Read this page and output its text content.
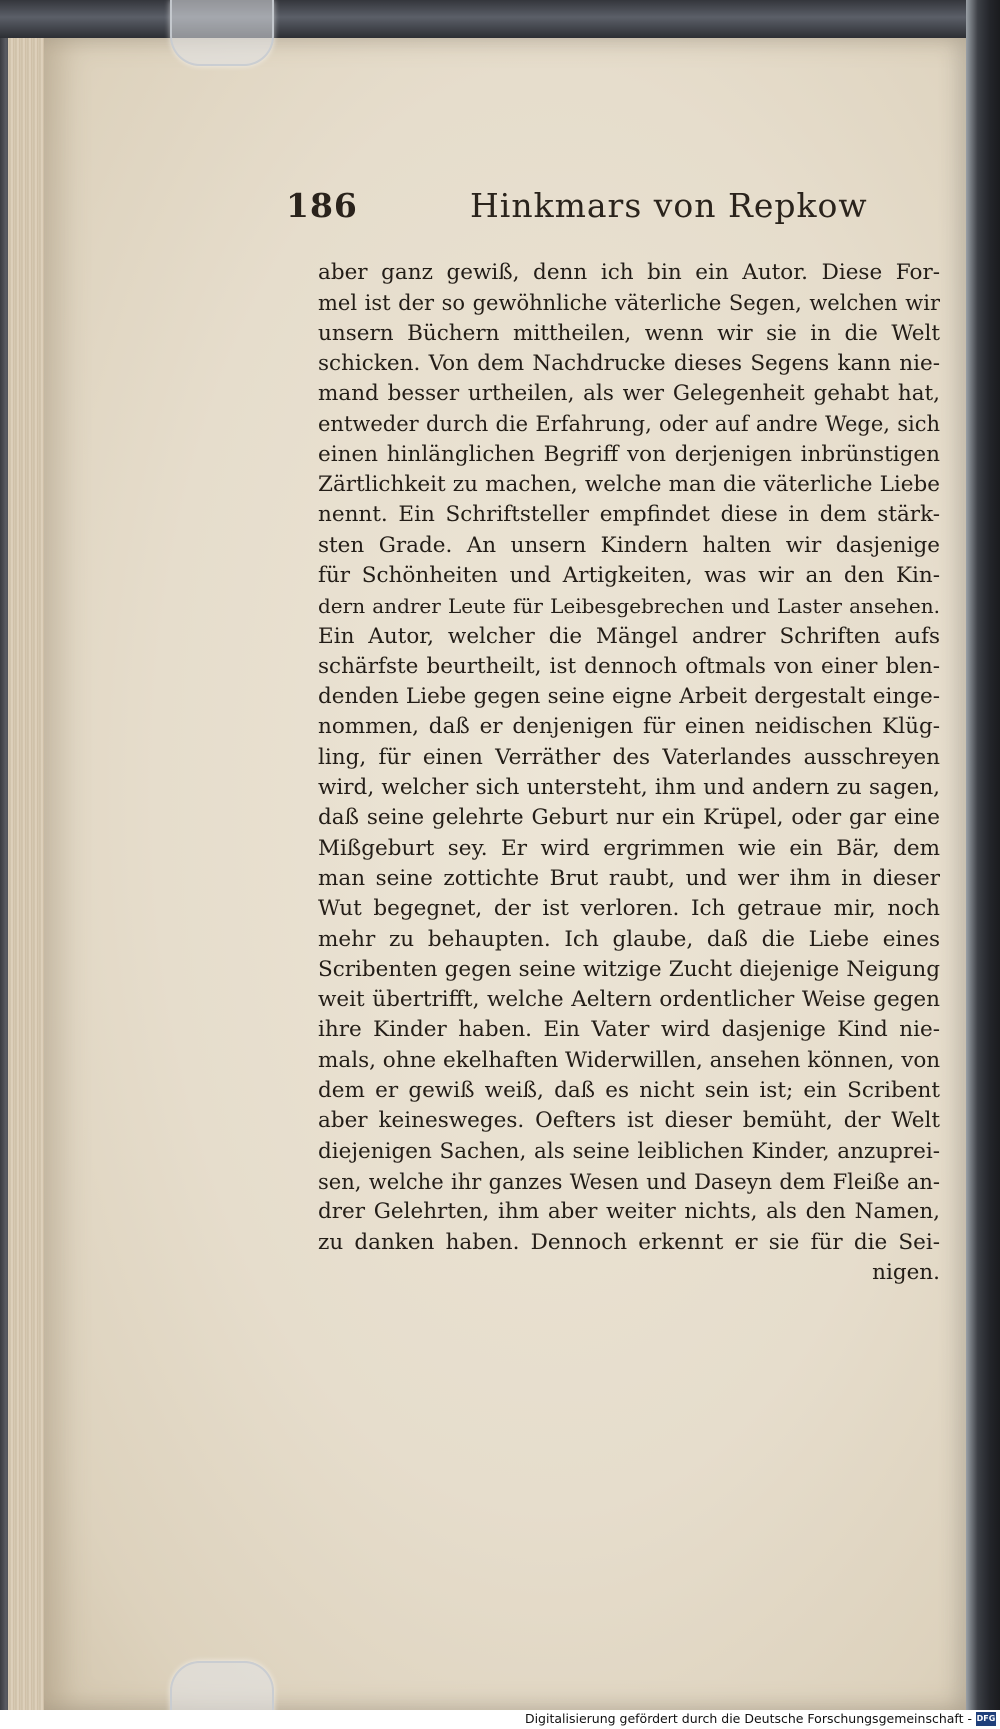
186	Hinkmars von Repkow
aber ganz gewiß, denn ich bin ein Autor. Diese For-
mel ist der so gewöhnliche väterliche Segen, welchen wir
unsern Büchern mittheilen, wenn wir sie in die Welt
schicken. Von dem Nachdrucke dieses Segens kann nie-
mand besser urtheilen, als wer Gelegenheit gehabt hat,
entweder durch die Erfahrung, oder auf andre Wege, sich
einen hinlänglichen Begriff von derjenigen inbrünstigen
Zärtlichkeit zu machen, welche man die väterliche Liebe
nennt. Ein Schriftsteller empfindet diese in dem stärk-
sten Grade. An unsern Kindern halten wir dasjenige
für Schönheiten und Artigkeiten, was wir an den Kin-
dern andrer Leute für Leibesgebrechen und Laster ansehen.
Ein Autor, welcher die Mängel andrer Schriften aufs
schärfste beurtheilt, ist dennoch oftmals von einer blen-
denden Liebe gegen seine eigne Arbeit dergestalt einge-
nommen, daß er denjenigen für einen neidischen Klüg-
ling, für einen Verräther des Vaterlandes ausschreyen
wird, welcher sich untersteht, ihm und andern zu sagen,
daß seine gelehrte Geburt nur ein Krüpel, oder gar eine
Mißgeburt sey. Er wird ergrimmen wie ein Bär, dem
man seine zottichte Brut raubt, und wer ihm in dieser
Wut begegnet, der ist verloren. Ich getraue mir, noch
mehr zu behaupten. Ich glaube, daß die Liebe eines
Scribenten gegen seine witzige Zucht diejenige Neigung
weit übertrifft, welche Aeltern ordentlicher Weise gegen
ihre Kinder haben. Ein Vater wird dasjenige Kind nie-
mals, ohne ekelhaften Widerwillen, ansehen können, von
dem er gewiß weiß, daß es nicht sein ist; ein Scribent
aber keinesweges. Oefters ist dieser bemüht, der Welt
diejenigen Sachen, als seine leiblichen Kinder, anzuprei-
sen, welche ihr ganzes Wesen und Daseyn dem Fleiße an-
drer Gelehrten, ihm aber weiter nichts, als den Namen,
zu danken haben. Dennoch erkennt er sie für die Sei-
nigen.
Digitalisierung gefördert durch die Deutsche Forschungsgemeinschaft - DFG
